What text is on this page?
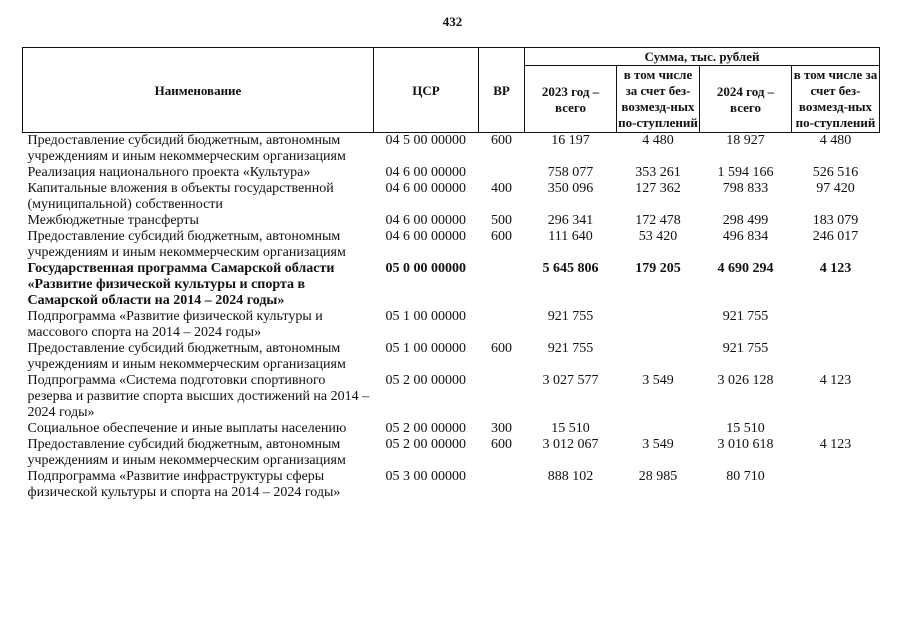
432
Наименование	ЦСР	ВР	Сумма, тыс. рублей			
			2023 год – всего	в том числе за счет без-возмезд-ных по-ступлений	2024 год – всего	в том числе за счет без-возмезд-ных по-ступлений
Предоставление субсидий бюджетным, автономным учреждениям и иным некоммерческим организациям	04 5 00 00000	600	16 197	4 480	18 927	4 480
Реализация национального проекта «Культура»	04 6 00 00000		758 077	353 261	1 594 166	526 516
Капитальные вложения в объекты государственной (муниципальной) собственности	04 6 00 00000	400	350 096	127 362	798 833	97 420
Межбюджетные трансферты	04 6 00 00000	500	296 341	172 478	298 499	183 079
Предоставление субсидий бюджетным, автономным учреждениям и иным некоммерческим организациям	04 6 00 00000	600	111 640	53 420	496 834	246 017
Государственная программа Самарской области «Развитие физической культуры и спорта в Самарской области на 2014 – 2024 годы»	05 0 00 00000		5 645 806	179 205	4 690 294	4 123
Подпрограмма «Развитие физической культуры и массового спорта на 2014 – 2024 годы»	05 1 00 00000		921 755		921 755	
Предоставление субсидий бюджетным, автономным учреждениям и иным некоммерческим организациям	05 1 00 00000	600	921 755		921 755	
Подпрограмма «Система подготовки спортивного резерва и развитие спорта высших достижений на 2014 – 2024 годы»	05 2 00 00000		3 027 577	3 549	3 026 128	4 123
Социальное обеспечение и иные выплаты населению	05 2 00 00000	300	15 510		15 510	
Предоставление субсидий бюджетным, автономным учреждениям и иным некоммерческим организациям	05 2 00 00000	600	3 012 067	3 549	3 010 618	4 123
Подпрограмма «Развитие инфраструктуры сферы физической культуры и спорта на 2014 – 2024 годы»	05 3 00 00000		888 102	28 985	80 710	
